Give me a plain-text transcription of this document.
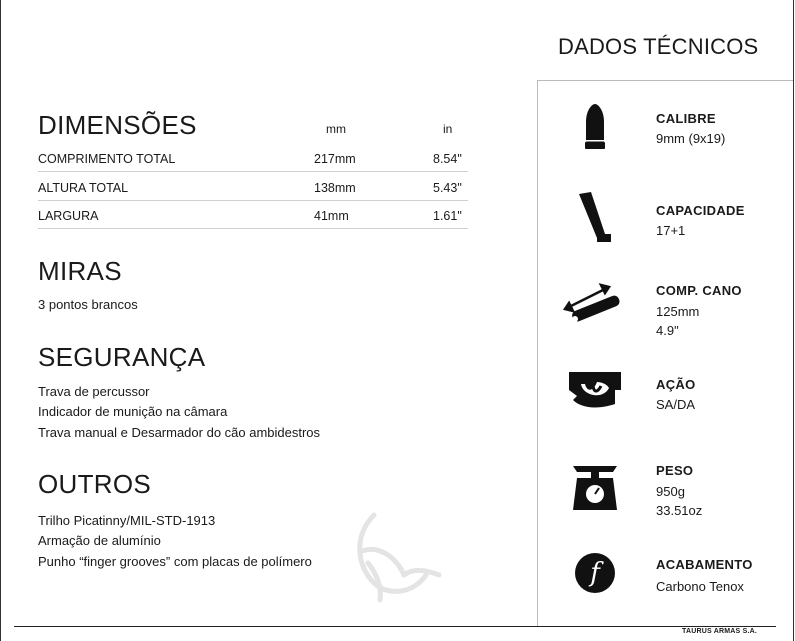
DIMENSÕES	mm	in
COMPRIMENTO TOTAL	217mm	8.54"
ALTURA TOTAL	138mm	5.43"
LARGURA	41mm	1.61"
MIRAS
3 pontos brancos
SEGURANÇA
Trava de percussor
Indicador de munição na câmara
Trava manual e Desarmador do cão ambidestros
OUTROS
Trilho Picatinny/MIL-STD-1913
Armação de alumínio
Punho “finger grooves” com placas de polímero
DADOS TÉCNICOS
CALIBRE
9mm (9x19)
CAPACIDADE
17+1
COMP. CANO
125mm
4.9"
AÇÃO
SA/DA
PESO
950g
33.51oz
f	ACABAMENTO
Carbono Tenox
TAURUS ARMAS S.A.
